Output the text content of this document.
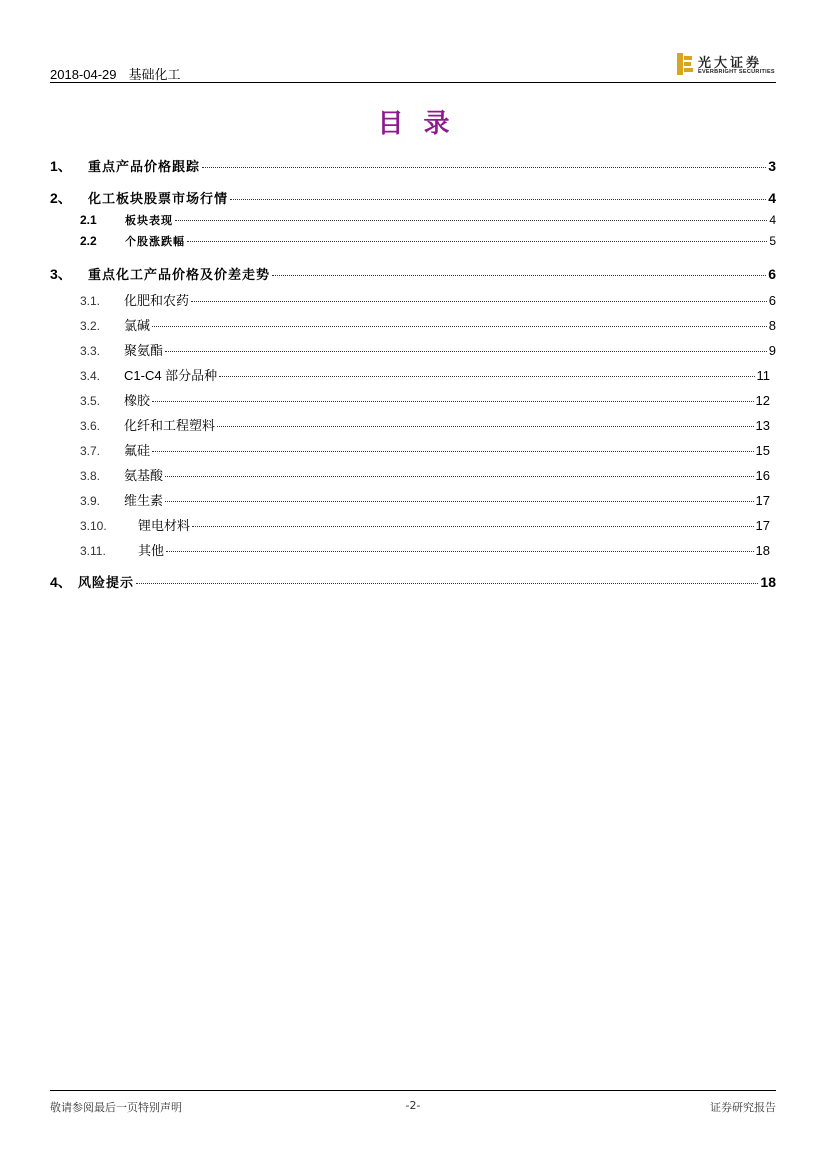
2018-04-29 基础化工
光大证券
EVERBRIGHT SECURITIES
目录
1、	重点产品价格跟踪	3
2、	化工板块股票市场行情	4
2.1	板块表现	4
2.2	个股涨跌幅	5
3、	重点化工产品价格及价差走势	6
3.1.	化肥和农药	6
3.2.	氯碱	8
3.3.	聚氨酯	9
3.4.	C1-C4 部分品种	11
3.5.	橡胶	12
3.6.	化纤和工程塑料	13
3.7.	氟硅	15
3.8.	氨基酸	16
3.9.	维生素	17
3.10.	锂电材料	17
3.11.	其他	18
4、 风险提示	18
敬请参阅最后一页特别声明	-2-	证券研究报告
